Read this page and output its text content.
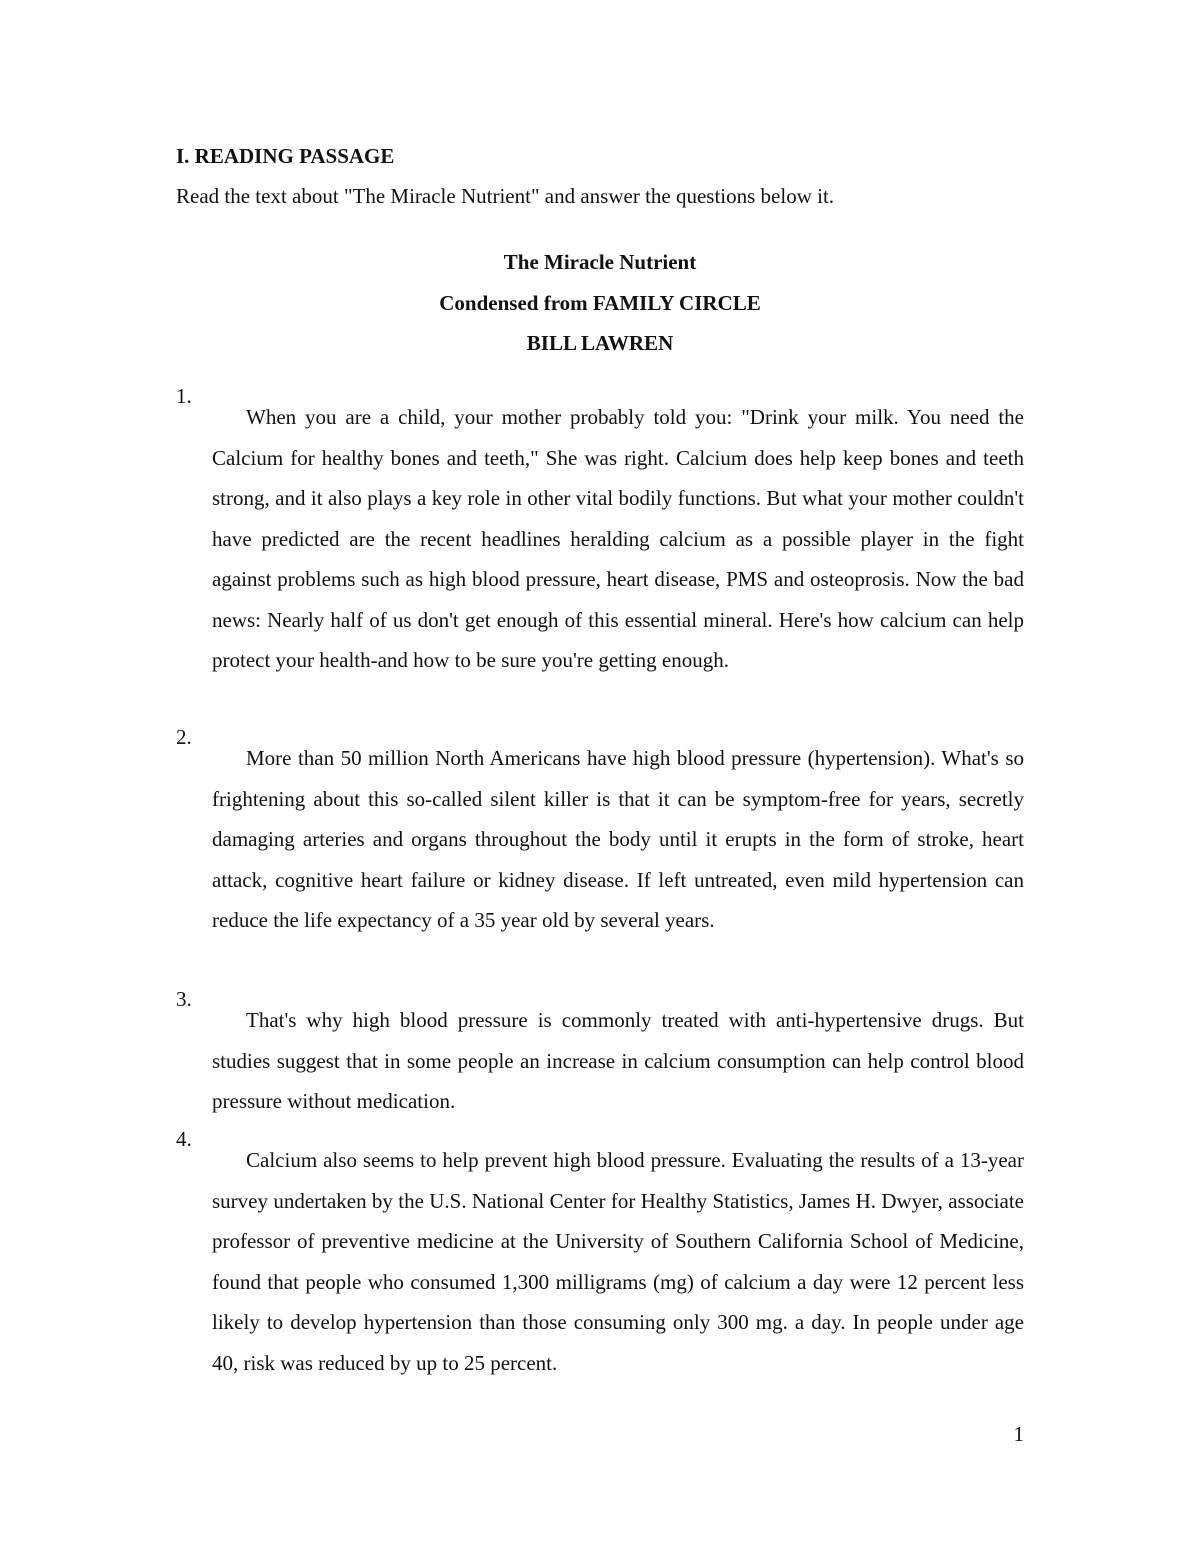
I. READING PASSAGE

Read the text about "The Miracle Nutrient" and answer the questions below it.

The Miracle Nutrient

Condensed from FAMILY CIRCLE

BILL LAWREN

1.

When you are a child, your mother probably told you: "Drink your milk. You need the Calcium for healthy bones and teeth," She was right. Calcium does help keep bones and teeth strong, and it also plays a key role in other vital bodily functions. But what your mother couldn't have predicted are the recent headlines heralding calcium as a possible player in the fight against problems such as high blood pressure, heart disease, PMS and osteoprosis. Now the bad news: Nearly half of us don't get enough of this essential mineral. Here's how calcium can help protect your health-and how to be sure you're getting enough.

2.

More than 50 million North Americans have high blood pressure (hypertension). What's so frightening about this so-called silent killer is that it can be symptom-free for years, secretly damaging arteries and organs throughout the body until it erupts in the form of stroke, heart attack, cognitive heart failure or kidney disease. If left untreated, even mild hypertension can reduce the life expectancy of a 35 year old by several years.

3.

That's why high blood pressure is commonly treated with anti-hypertensive drugs. But studies suggest that in some people an increase in calcium consumption can help control blood pressure without medication.

4.

Calcium also seems to help prevent high blood pressure. Evaluating the results of a 13-year survey undertaken by the U.S. National Center for Healthy Statistics, James H. Dwyer, associate professor of preventive medicine at the University of Southern California School of Medicine, found that people who consumed 1,300 milligrams (mg) of calcium a day were 12 percent less likely to develop hypertension than those consuming only 300 mg. a day. In people under age 40, risk was reduced by up to 25 percent.

1
